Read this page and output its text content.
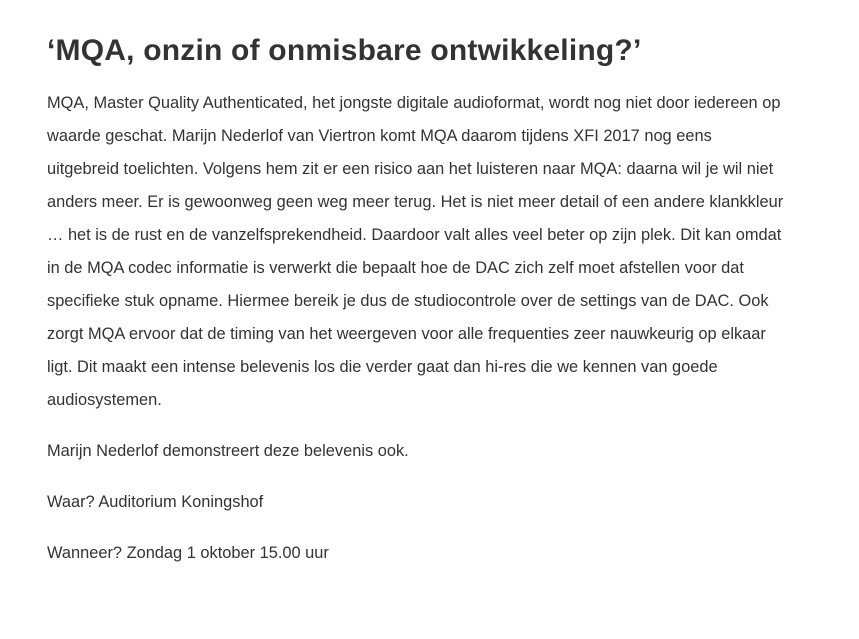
‘MQA, onzin of onmisbare ontwikkeling?’

MQA, Master Quality Authenticated, het jongste digitale audioformat, wordt nog niet door iedereen op waarde geschat. Marijn Nederlof van Viertron komt MQA daarom tijdens XFI 2017 nog eens uitgebreid toelichten. Volgens hem zit er een risico aan het luisteren naar MQA: daarna wil je wil niet anders meer. Er is gewoonweg geen weg meer terug. Het is niet meer detail of een andere klankkleur … het is de rust en de vanzelfsprekendheid. Daardoor valt alles veel beter op zijn plek. Dit kan omdat in de MQA codec informatie is verwerkt die bepaalt hoe de DAC zich zelf moet afstellen voor dat specifieke stuk opname. Hiermee bereik je dus de studiocontrole over de settings van de DAC. Ook zorgt MQA ervoor dat de timing van het weergeven voor alle frequenties zeer nauwkeurig op elkaar ligt. Dit maakt een intense belevenis los die verder gaat dan hi-res die we kennen van goede audiosystemen.

Marijn Nederlof demonstreert deze belevenis ook.

Waar? Auditorium Koningshof

Wanneer? Zondag 1 oktober 15.00 uur
